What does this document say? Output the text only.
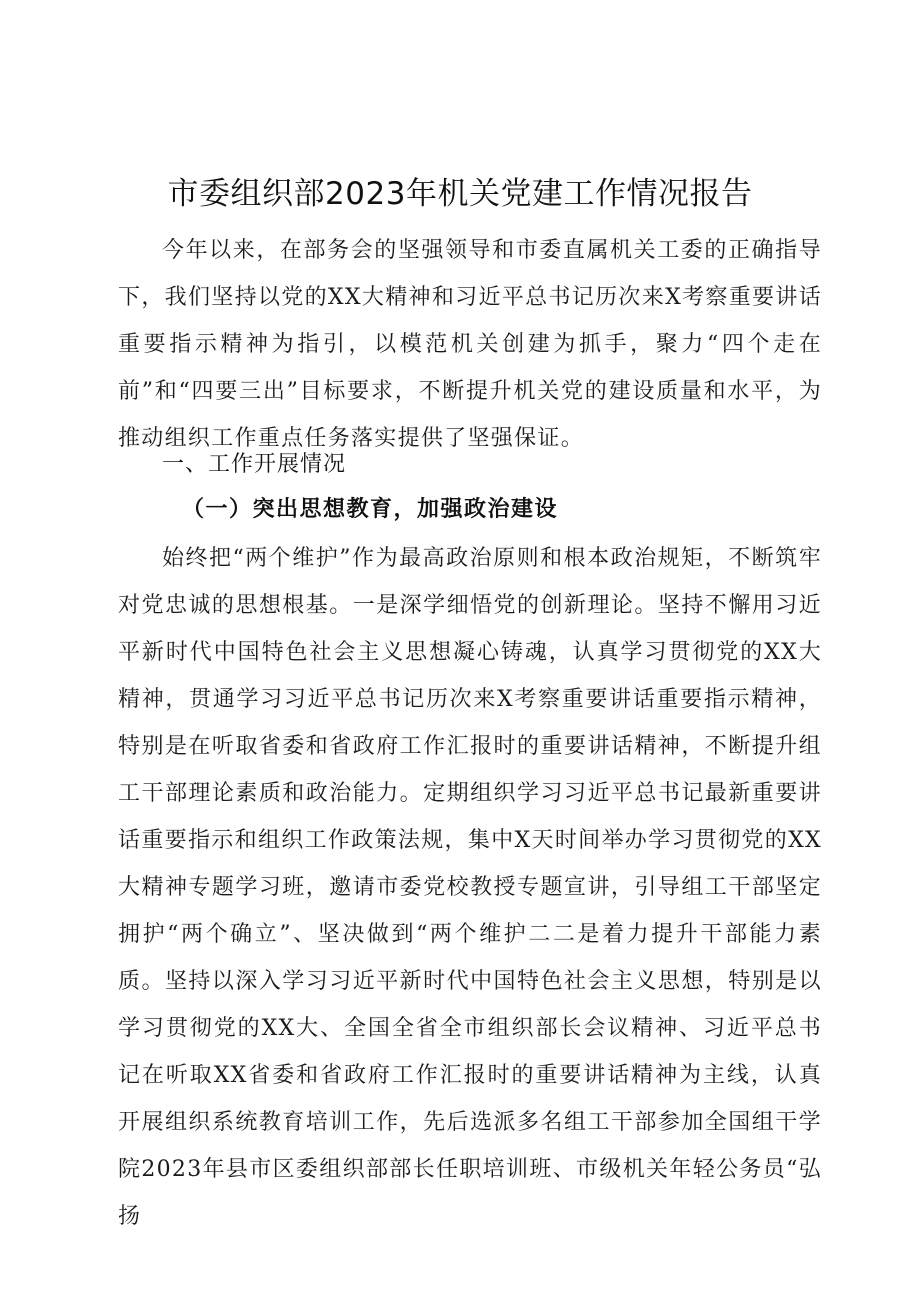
市委组织部2023年机关党建工作情况报告
今年以来，在部务会的坚强领导和市委直属机关工委的正确指导下，我们坚持以党的XX大精神和习近平总书记历次来X考察重要讲话重要指示精神为指引，以模范机关创建为抓手，聚力“四个走在前”和“四要三出”目标要求，不断提升机关党的建设质量和水平，为推动组织工作重点任务落实提供了坚强保证。
一、工作开展情况
（一）突出思想教育，加强政治建设
始终把“两个维护”作为最高政治原则和根本政治规矩，不断筑牢对党忠诚的思想根基。一是深学细悟党的创新理论。坚持不懈用习近平新时代中国特色社会主义思想凝心铸魂，认真学习贯彻党的XX大精神，贯通学习习近平总书记历次来X考察重要讲话重要指示精神，特别是在听取省委和省政府工作汇报时的重要讲话精神，不断提升组工干部理论素质和政治能力。定期组织学习习近平总书记最新重要讲话重要指示和组织工作政策法规，集中X天时间举办学习贯彻党的XX大精神专题学习班，邀请市委党校教授专题宣讲，引导组工干部坚定拥护“两个确立”、坚决做到“两个维护二二是着力提升干部能力素质。坚持以深入学习习近平新时代中国特色社会主义思想，特别是以学习贯彻党的XX大、全国全省全市组织部长会议精神、习近平总书记在听取XX省委和省政府工作汇报时的重要讲话精神为主线，认真开展组织系统教育培训工作，先后选派多名组工干部参加全国组干学院2023年县市区委组织部部长任职培训班、市级机关年轻公务员“弘扬
